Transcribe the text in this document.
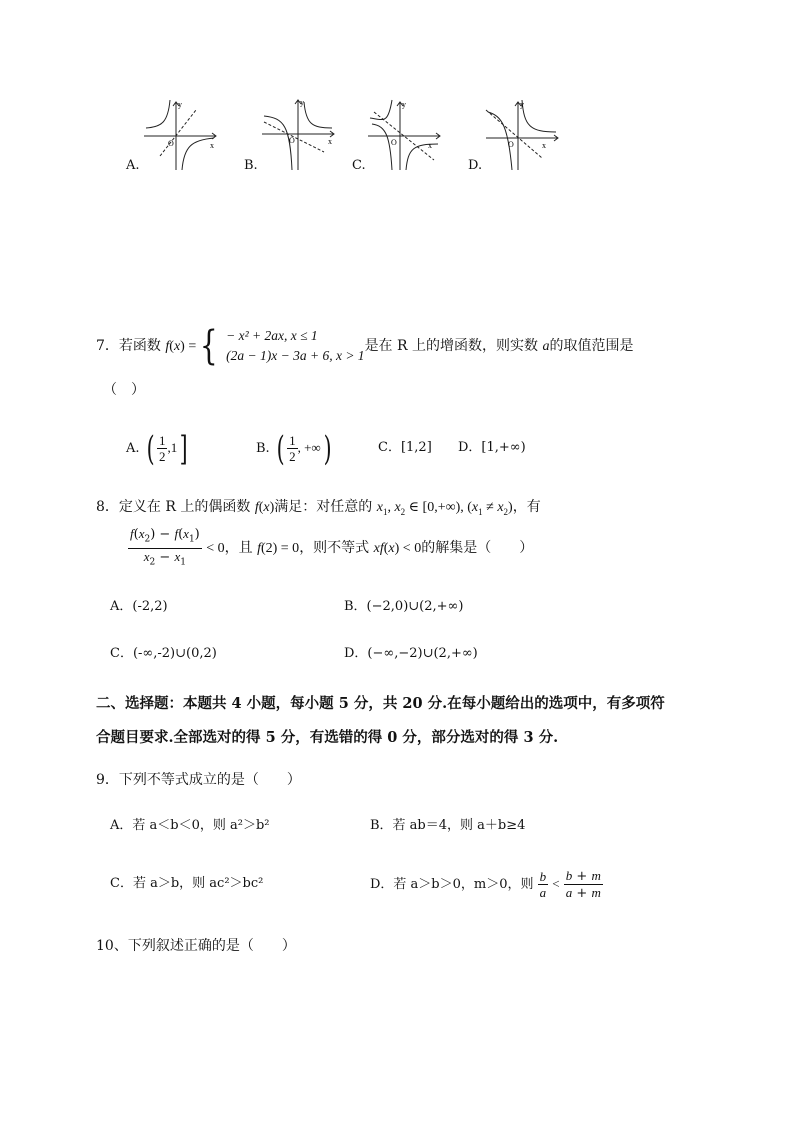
x
y
O
A.
x
y
O
B.
x
y
O
C.
x
y
O
D.
7．若函数 f(x) ={ − x² + 2ax, x ≤ 1
(2a − 1)x − 3a + 6, x > 1
是在 R 上的增函数，则实数 a的取值范围是
（　）
A. ( $\frac{1}{2} ,1$]	B. ( $\frac{1}{2}$ , +∞)	C．[1,2] D．[1,+∞)
8．定义在 R 上的偶函数 f(x)满足：对任意的 $x_1$, $x_2$ ∈ [0,+∞), $(x_1 \ne x_2)$，有
$\frac{f(x_2) - f(x_1)}{x_2 - x_1} < 0$，且 f(2) = 0，则不等式 xf(x) < 0的解集是（　　）
A．(-2,2)	B．(−2,0)∪(2,+∞)
C．(-∞,-2)∪(0,2)	D．(−∞,−2)∪(2,+∞)
二、选择题：本题共 4 小题，每小题 5 分，共 20 分.在每小题给出的选项中，有多项符
合题目要求.全部选对的得 5 分，有选错的得 0 分，部分选对的得 3 分.
9．下列不等式成立的是（　　）
A．若 a＜b＜0，则 a²＞b²	B．若 ab＝4，则 a＋b≥4
C．若 a＞b，则 ac²＞bc²	D．若 a＞b＞0，m＞0，则 $\frac{b}{a} < \frac{b + m}{a + m}$
10、下列叙述正确的是（　　）
